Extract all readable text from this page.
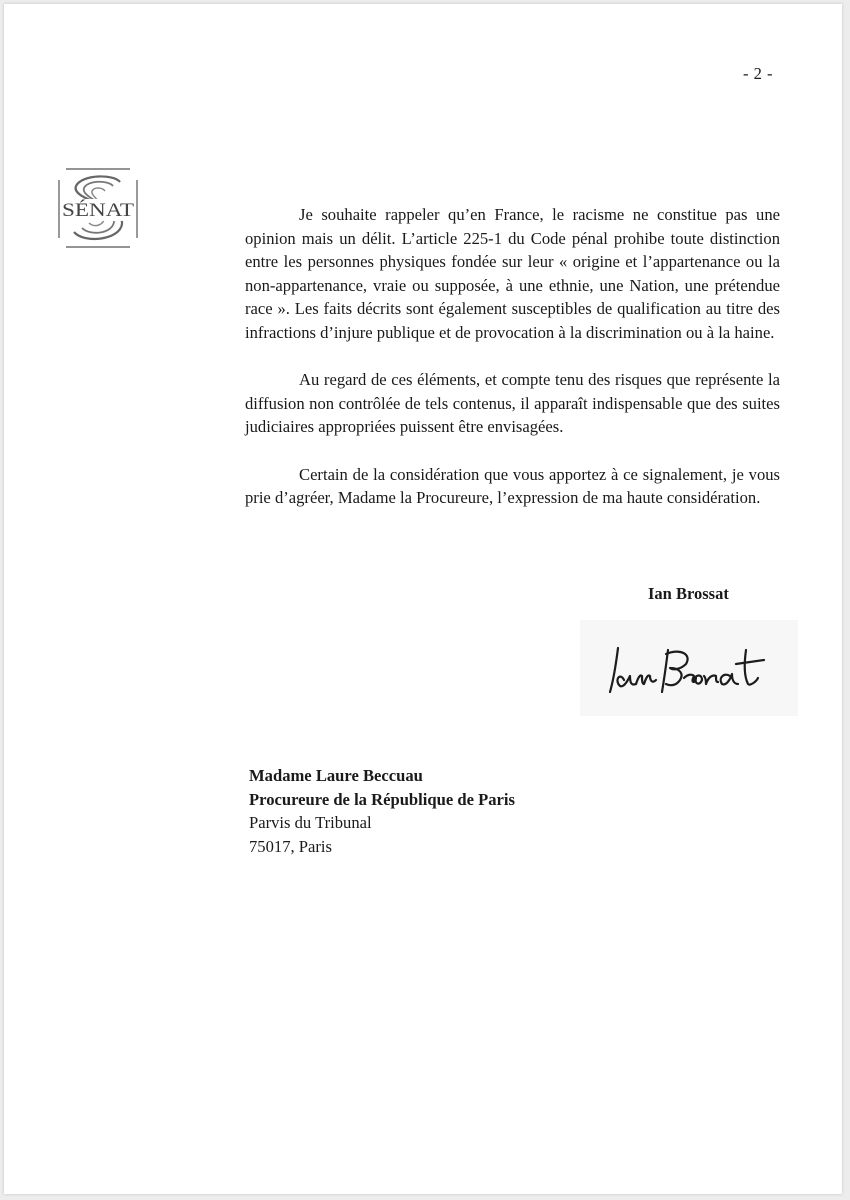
- 2 -
SÉNAT	Je souhaite rappeler qu’en France, le racisme ne constitue pas une opinion mais un délit. L’article 225-1 du Code pénal prohibe toute distinction entre les personnes physiques fondée sur leur « origine et l’appartenance ou la non-appartenance, vraie ou supposée, à une ethnie, une Nation, une prétendue race ». Les faits décrits sont également susceptibles de qualification au titre des infractions d’injure publique et de provocation à la discrimination ou à la haine.

Au regard de ces éléments, et compte tenu des risques que représente la diffusion non contrôlée de tels contenus, il apparaît indispensable que des suites judiciaires appropriées puissent être envisagées.

Certain de la considération que vous apportez à ce signalement, je vous prie d’agréer, Madame la Procureure, l’expression de ma haute considération.

Ian Brossat
Madame Laure Beccuau
Procureure de la République de Paris
Parvis du Tribunal
75017, Paris
